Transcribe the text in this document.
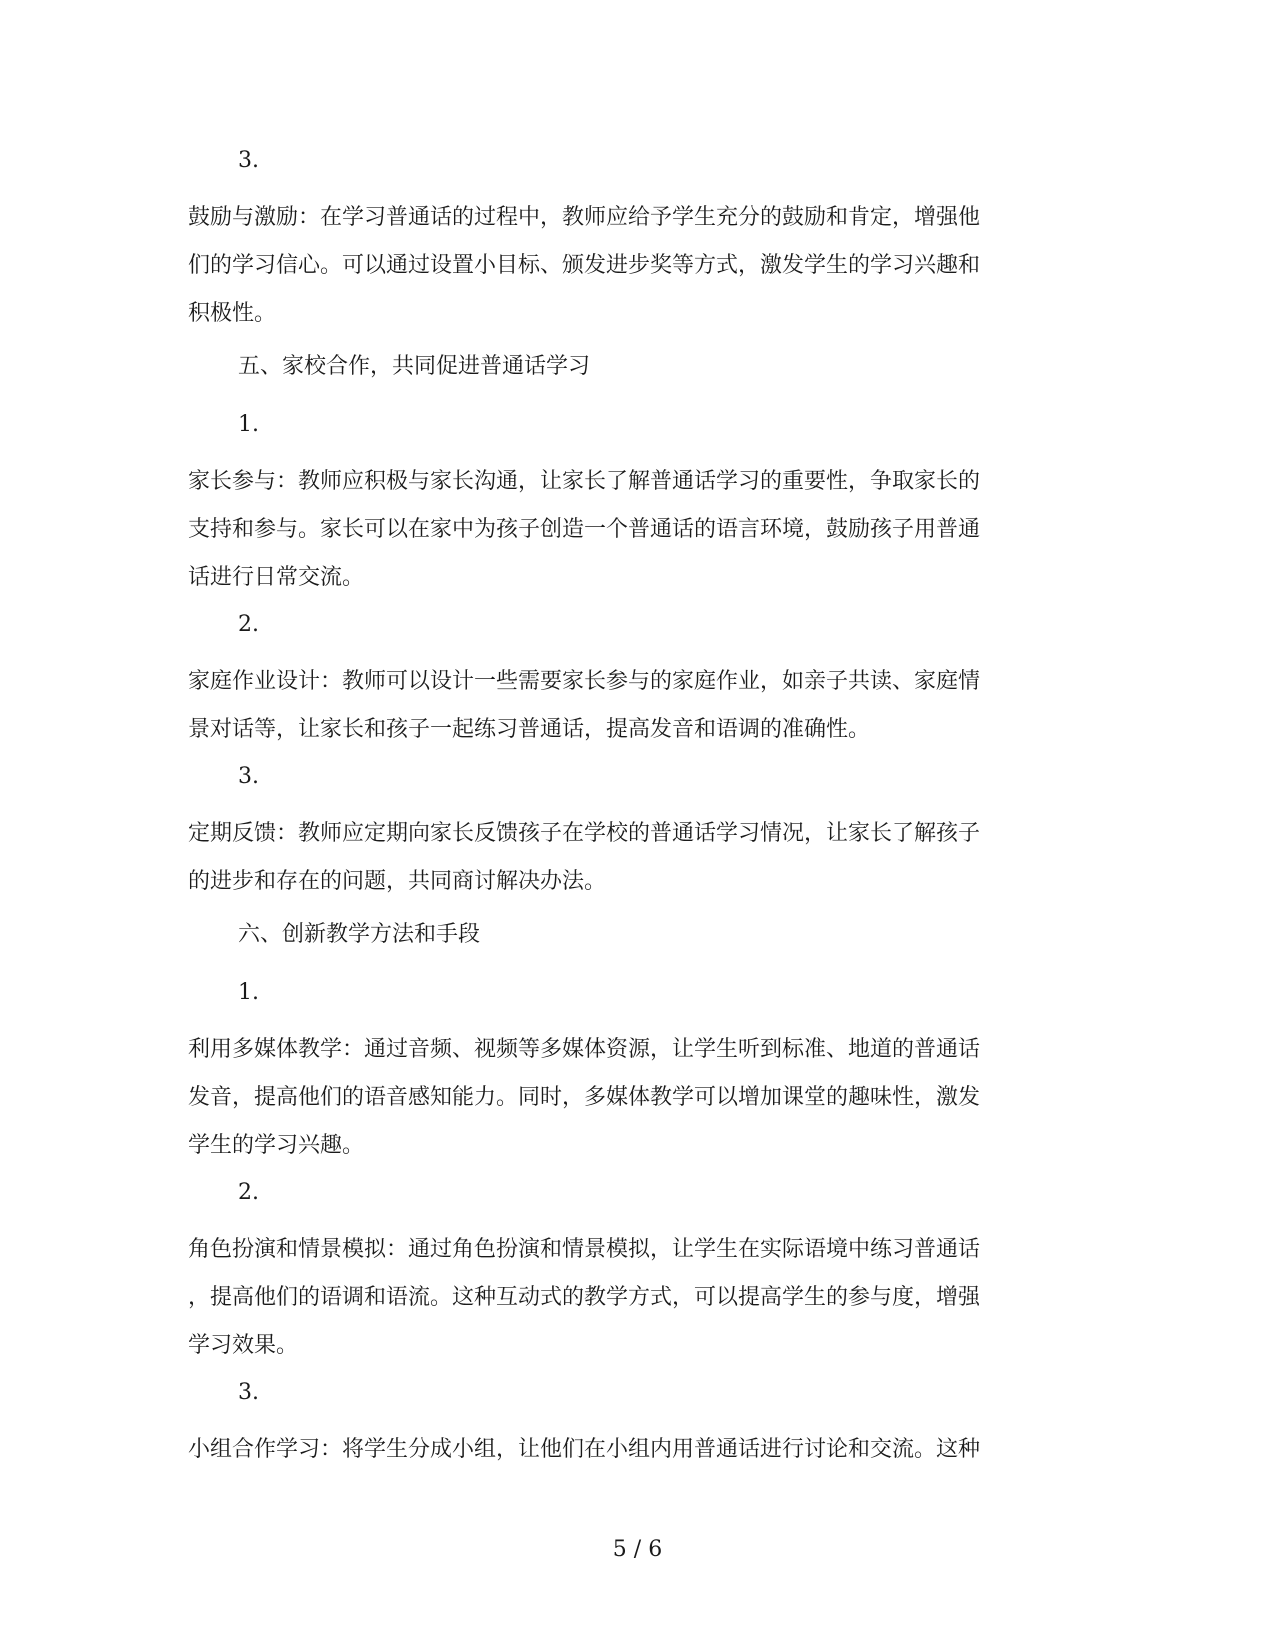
3.
鼓励与激励：在学习普通话的过程中，教师应给予学生充分的鼓励和肯定，增强他
们的学习信心。可以通过设置小目标、颁发进步奖等方式，激发学生的学习兴趣和
积极性。
五、家校合作，共同促进普通话学习
1.
家长参与：教师应积极与家长沟通，让家长了解普通话学习的重要性，争取家长的
支持和参与。家长可以在家中为孩子创造一个普通话的语言环境，鼓励孩子用普通
话进行日常交流。
2.
家庭作业设计：教师可以设计一些需要家长参与的家庭作业，如亲子共读、家庭情
景对话等，让家长和孩子一起练习普通话，提高发音和语调的准确性。
3.
定期反馈：教师应定期向家长反馈孩子在学校的普通话学习情况，让家长了解孩子
的进步和存在的问题，共同商讨解决办法。
六、创新教学方法和手段
1.
利用多媒体教学：通过音频、视频等多媒体资源，让学生听到标准、地道的普通话
发音，提高他们的语音感知能力。同时，多媒体教学可以增加课堂的趣味性，激发
学生的学习兴趣。
2.
角色扮演和情景模拟：通过角色扮演和情景模拟，让学生在实际语境中练习普通话
，提高他们的语调和语流。这种互动式的教学方式，可以提高学生的参与度，增强
学习效果。
3.
小组合作学习：将学生分成小组，让他们在小组内用普通话进行讨论和交流。这种
5 / 6
